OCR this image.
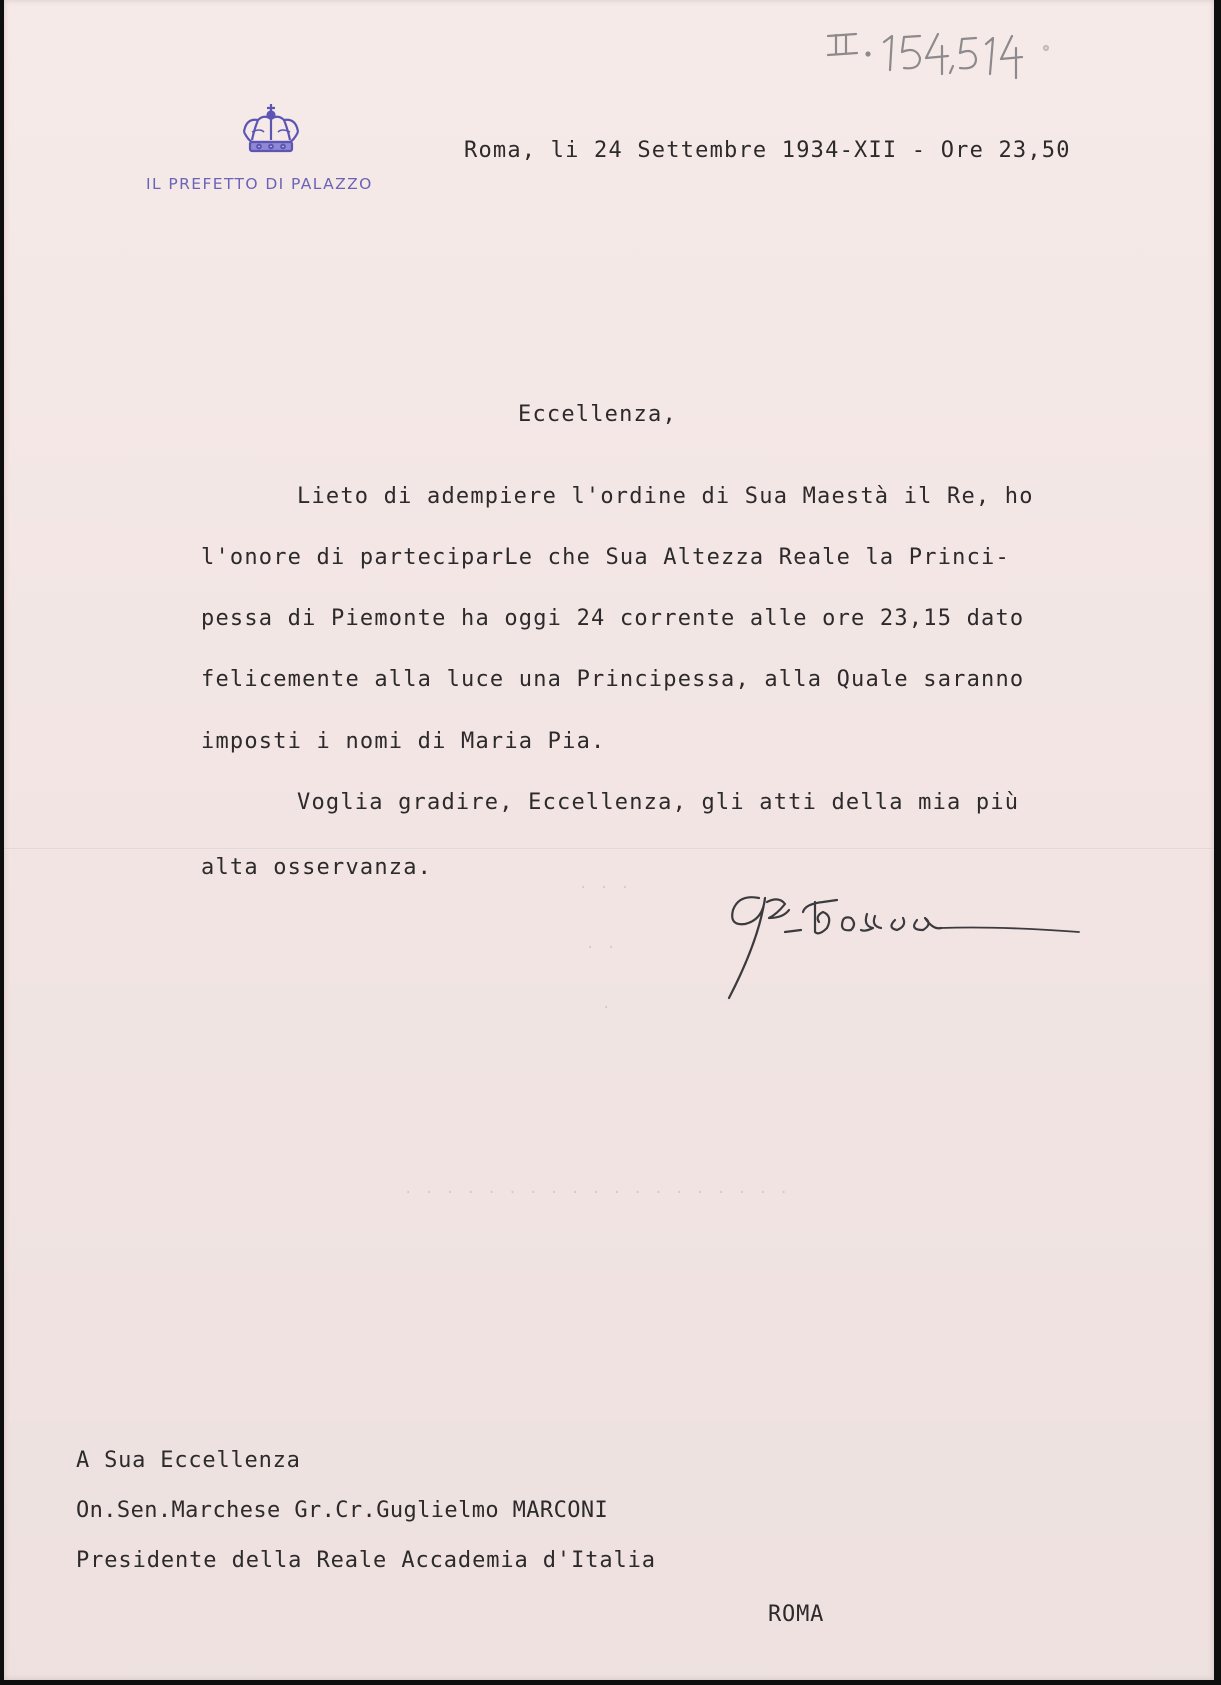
IL PREFETTO DI PALAZZO
Roma, li 24 Settembre 1934-XII - Ore 23,50
Eccellenza,
Lieto di adempiere l'ordine di Sua Maestà il Re, ho
l'onore di parteciparLe che Sua Altezza Reale la Princi-
pessa di Piemonte ha oggi 24 corrente alle ore 23,15 dato
felicemente alla luce una Principessa, alla Quale saranno
imposti i nomi di Maria Pia.
Voglia gradire, Eccellenza, gli atti della mia più
alta osservanza.
· · ·
· ·
·
· · · · · · · · · · · · · · · · · · ·
A Sua Eccellenza
On.Sen.Marchese Gr.Cr.Guglielmo MARCONI
Presidente della Reale Accademia d'Italia
ROMA
